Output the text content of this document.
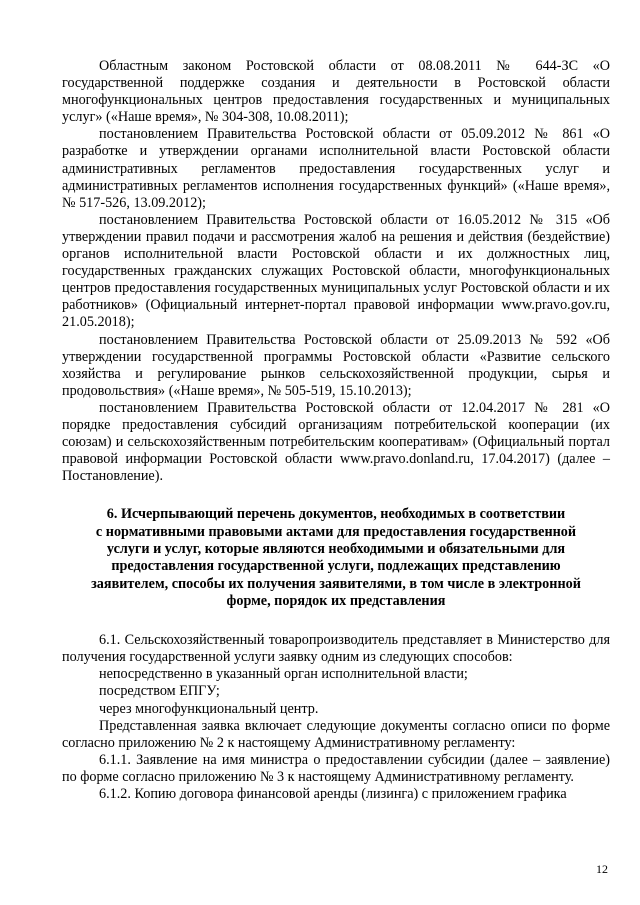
Областным законом Ростовской области от 08.08.2011 № 644-ЗС «О государственной поддержке создания и деятельности в Ростовской области многофункциональных центров предоставления государственных и муниципальных услуг» («Наше время», № 304-308, 10.08.2011);

постановлением Правительства Ростовской области от 05.09.2012 № 861 «О разработке и утверждении органами исполнительной власти Ростовской области административных регламентов предоставления государственных услуг и административных регламентов исполнения государственных функций» («Наше время», № 517-526, 13.09.2012);

постановлением Правительства Ростовской области от 16.05.2012 № 315 «Об утверждении правил подачи и рассмотрения жалоб на решения и действия (бездействие) органов исполнительной власти Ростовской области и их должностных лиц, государственных гражданских служащих Ростовской области, многофункциональных центров предоставления государственных муниципальных услуг Ростовской области и их работников» (Официальный интернет-портал правовой информации www.pravo.gov.ru, 21.05.2018);

постановлением Правительства Ростовской области от 25.09.2013 № 592 «Об утверждении государственной программы Ростовской области «Развитие сельского хозяйства и регулирование рынков сельскохозяйственной продукции, сырья и продовольствия» («Наше время», № 505-519, 15.10.2013);

постановлением Правительства Ростовской области от 12.04.2017 № 281 «О порядке предоставления субсидий организациям потребительской кооперации (их союзам) и сельскохозяйственным потребительским кооперативам» (Официальный портал правовой информации Ростовской области www.pravo.donland.ru, 17.04.2017) (далее – Постановление).

6. Исчерпывающий перечень документов, необходимых в соответствии
с нормативными правовыми актами для предоставления государственной
услуги и услуг, которые являются необходимыми и обязательными для
предоставления государственной услуги, подлежащих представлению
заявителем, способы их получения заявителями, в том числе в электронной
форме, порядок их представления

6.1. Сельскохозяйственный товаропроизводитель представляет в Министерство для получения государственной услуги заявку одним из следующих способов:

непосредственно в указанный орган исполнительной власти;

посредством ЕПГУ;

через многофункциональный центр.

Представленная заявка включает следующие документы согласно описи по форме согласно приложению № 2 к настоящему Административному регламенту:

6.1.1. Заявление на имя министра о предоставлении субсидии (далее – заявление) по форме согласно приложению № 3 к настоящему Административному регламенту.

6.1.2. Копию договора финансовой аренды (лизинга) с приложением графика

12
